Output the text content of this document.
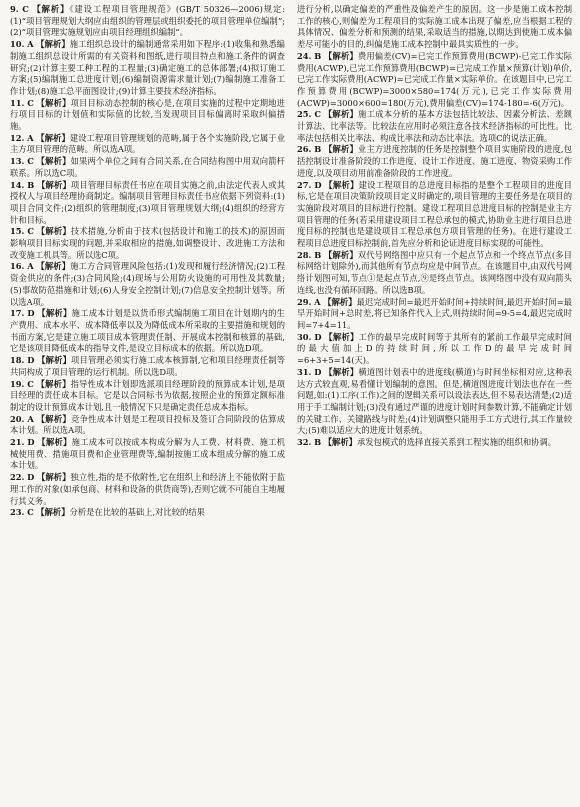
9. C 【解析】《建设工程项目管理规范》(GB/T 50326—2006)规定:(1)“项目管理规划大纲应由组织的管理层或组织委托的项目管理单位编制”;(2)“项目管理实施规划应由项目经理组织编制”。

10. A 【解析】施工组织总设计的编制通常采用如下程序:(1)收集和熟悉编制施工组织总设计所需的有关资料和图纸,进行项目特点和施工条件的调查研究;(2)计算主要工种工程的工程量;(3)确定施工的总体部署;(4)拟订施工方案;(5)编制施工总进度计划;(6)编制资源需求量计划;(7)编制施工准备工作计划;(8)施工总平面图设计;(9)计算主要技术经济指标。

11. C 【解析】项目目标动态控制的核心是,在项目实施的过程中定期地进行项目目标的计划值和实际值的比较,当发现项目目标偏离时采取纠偏措施。

12. A 【解析】建设工程项目管理规划的范畴,属于各个实施阶段,它属于业主方项目管理的范畴。所以选A项。

13. C 【解析】如果两个单位之间有合同关系,在合同结构图中用双向箭杆联系。所以选C项。

14. B 【解析】项目管理目标责任书应在项目实施之前,由法定代表人或其授权人与项目经理协商制定。编制项目管理目标责任书应依据下列资料:(1)项目合同文件;(2)组织的管理制度;(3)项目管理规划大纲;(4)组织的经营方针和目标。

15. C 【解析】技术措施,分析由于技术(包括设计和施工的技术)的原因而影响项目目标实现的问题,并采取相应的措施,如调整设计、改进施工方法和改变施工机具等。所以选C项。

16. A 【解析】施工方合同管理风险包括:(1)发现和履行经济情况;(2)工程资金供应的条件;(3)合同风险;(4)现场与公用防火设施的可用性及其数量;(5)事故防范措施和计划;(6)人身安全控制计划;(7)信息安全控制计划等。所以选A项。

17. D 【解析】施工成本计划是以货币形式编制施工项目在计划期内的生产费用、成本水平、成本降低率以及为降低成本所采取的主要措施和规划的书面方案,它是建立施工项目成本管理责任制、开展成本控制和核算的基础,它是该项目降低成本的指导文件,是设立目标成本的依据。所以选D项。

18. D 【解析】项目管理必须实行施工成本核算制,它和项目经理责任制等共同构成了项目管理的运行机制。所以选D项。

19. C 【解析】指导性成本计划即选派项目经理阶段的预算成本计划,是项目经理的责任成本目标。它是以合同标书为依据,按照企业的预算定额标准制定的设计预算成本计划,且一般情况下只是确定责任总成本指标。

20. A 【解析】竞争性成本计划是工程项目投标及签订合同阶段的估算成本计划。所以选A项。

21. D 【解析】施工成本可以按成本构成分解为人工费、材料费、施工机械使用费、措施项目费和企业管理费等,编制按施工成本组成分解的施工成本计划。

22. D 【解析】独立性,指的是不依附性,它在组织上和经济上不能依附于监理工作的对象(如承包商、材料和设备的供货商等),否则它就不可能自主地履行其义务。

23. C 【解析】分析是在比较的基础上,对比较的结果

进行分析,以确定偏差的严重性及偏差产生的原因。这一步是施工成本控制工作的核心,则偏差为工程项目的实际施工成本出现了偏差,应当根据工程的具体情况、偏差分析和预测的结果,采取适当的措施,以期达到使施工成本偏差尽可能小的目的,纠偏是施工成本控制中最具实质性的一步。

24. B 【解析】费用偏差(CV)=已完工作预算费用(BCWP)-已完工作实际费用(ACWP),已完工作预算费用(BCWP)=已完成工作量×预算(计划)单价,已完工作实际费用(ACWP)=已完成工作量×实际单价。在该题目中,已完工作预算费用(BCWP)=3000×580=174(万元),已完工作实际费用(ACWP)=3000×600=180(万元),费用偏差(CV)=174-180=-6(万元)。

25. C 【解析】施工成本分析的基本方法包括比较法、因素分析法、差额计算法、比率法等。比较法在应用时必须注意各技术经济指标的可比性。比率法包括相关比率法、构成比率法和动态比率法。选项C的说法正确。

26. B 【解析】业主方进度控制的任务是控制整个项目实施阶段的进度,包括控制设计准备阶段的工作进度、设计工作进度、施工进度、物资采购工作进度,以及项目动用前准备阶段的工作进度。

27. D 【解析】建设工程项目的总进度目标指的是整个工程项目的进度目标,它是在项目决策阶段项目定义时确定的,项目管理的主要任务是在项目的实施阶段对项目的目标进行控制。建设工程项目总进度目标的控制是业主方项目管理的任务(若采用建设项目工程总承包的模式,协助业主进行项目总进度目标的控制也是建设项目工程总承包方项目管理的任务)。在进行建设工程项目总进度目标控制前,首先应分析和论证进度目标实现的可能性。

28. B 【解析】双代号网络图中应只有一个起点节点和一个终点节点(多目标网络计划除外),而其他所有节点均应是中间节点。在该题目中,由双代号网络计划图可知,节点①是起点节点,⑨是终点节点。该网络图中没有双向箭头连线,也没有循环回路。所以选B项。

29. A 【解析】最迟完成时间=最迟开始时间+持续时间,最迟开始时间=最早开始时间+总时差,将已知条件代入上式,则持续时间=9-5=4,最迟完成时间=7+4=11。

30. D 【解析】工作的最早完成时间等于其所有的紧前工作最早完成时间的最大值加上D的持续时间,所以工作D的最早完成时间=6+3+5=14(天)。

31. D 【解析】横道图计划表中的进度线(横道)与时间坐标相对应,这种表达方式较直观,易看懂计划编制的意图。但是,横道图进度计划法也存在一些问题,如:(1)工序(工作)之间的逻辑关系可以设法表达,但不易表达清楚;(2)适用于手工编制计划;(3)没有通过严谨的进度计划时间参数计算,不能确定计划的关键工作、关键路线与时差;(4)计划调整只能用手工方式进行,其工作量较大;(5)难以适应大的进度计划系统。

32. B 【解析】承发包模式的选择直接关系到工程实施的组织和协调。
